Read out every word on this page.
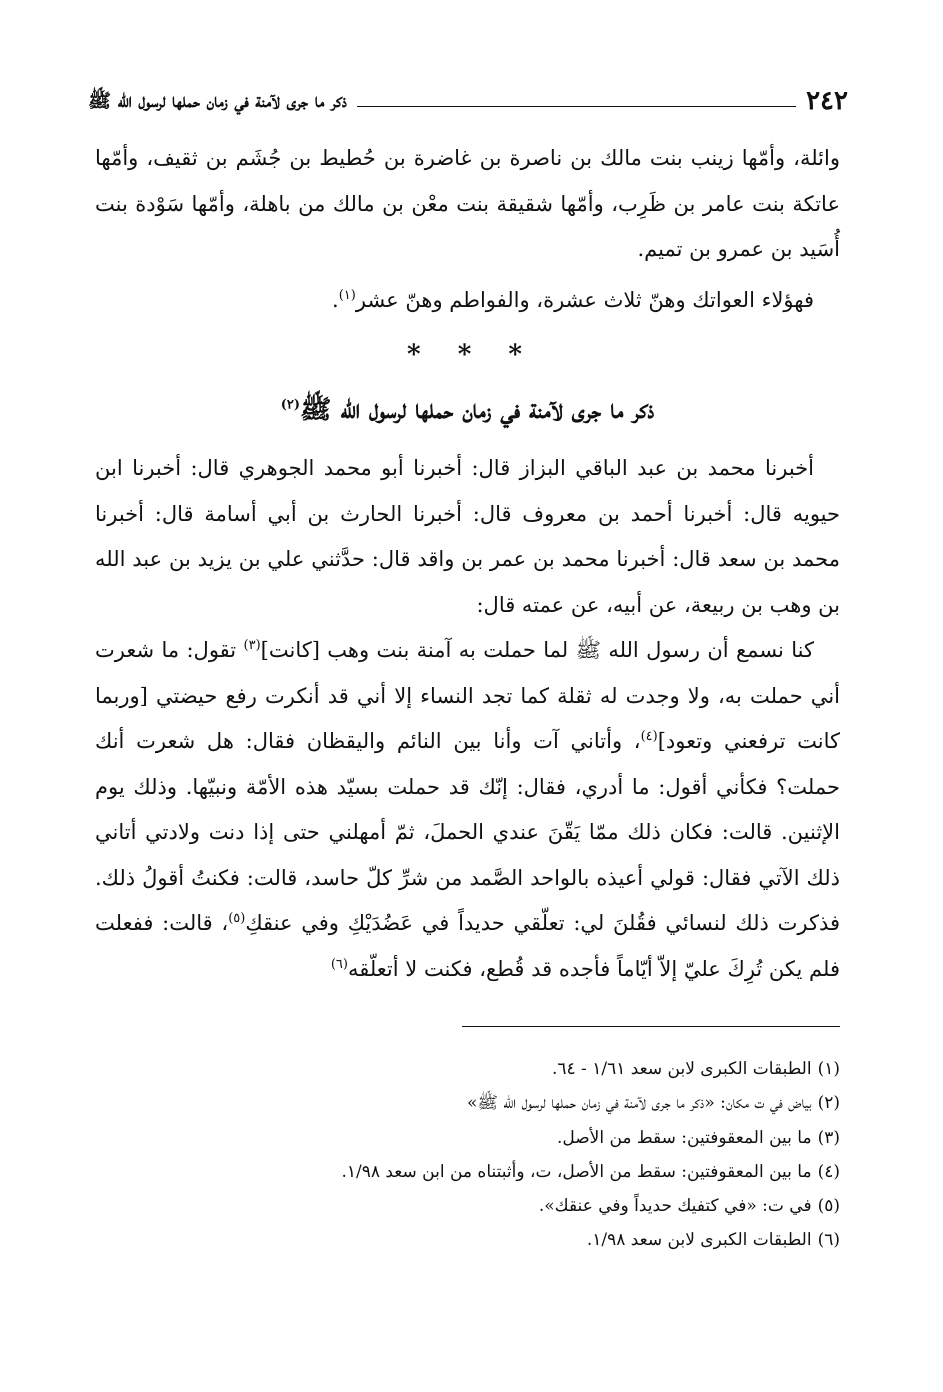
٢٤٢
ذكر ما جرى لآمنة في زمان حملها لرسول الله ﷺ

وائلة، وأمّها زينب بنت مالك بن ناصرة بن غاضرة بن حُطيط بن جُشَم بن ثقيف، وأمّها عاتكة بنت عامر بن ظَرِب، وأمّها شقيقة بنت معْن بن مالك من باهلة، وأمّها سَوْدة بنت أُسَيد بن عمرو بن تميم.

فهؤلاء العواتك وهنّ ثلاث عشرة، والفواطم وهنّ عشر$^{(١)}$.

* * *
ذكر ما جرى لآمنة في زمان حملها لرسول الله ﷺ$^{(٢)}$

أخبرنا محمد بن عبد الباقي البزاز قال: أخبرنا أبو محمد الجوهري قال: أخبرنا ابن حيويه قال: أخبرنا أحمد بن معروف قال: أخبرنا الحارث بن أبي أسامة قال: أخبرنا محمد بن سعد قال: أخبرنا محمد بن عمر بن واقد قال: حدَّثني علي بن يزيد بن عبد الله بن وهب بن ربيعة، عن أبيه، عن عمته قال:

كنا نسمع أن رسول الله ﷺ لما حملت به آمنة بنت وهب [كانت]$^{(٣)}$ تقول: ما شعرت أني حملت به، ولا وجدت له ثقلة كما تجد النساء إلا أني قد أنكرت رفع حيضتي [وربما كانت ترفعني وتعود]$^{(٤)}$، وأتاني آت وأنا بين النائم واليقظان فقال: هل شعرت أنك حملت؟ فكأني أقول: ما أدري، فقال: إنّك قد حملت بسيّد هذه الأمّة ونبيّها. وذلك يوم الإثنين. قالت: فكان ذلك ممّا يَقّنَ عندي الحملَ، ثمّ أمهلني حتى إذا دنت ولادتي أتاني ذلك الآتي فقال: قولي أعيذه بالواحد الصَّمد من شرِّ كلّ حاسد، قالت: فكنتُ أقولُ ذلك. فذكرت ذلك لنسائي فقُلنَ لي: تعلّقي حديداً في عَضُدَيْكِ وفي عنقكِ$^{(٥)}$، قالت: ففعلت فلم يكن تُرِكَ عليّ إلاّ أيّاماً فأجده قد قُطع، فكنت لا أتعلّقه$^{(٦)}$

(١)الطبقات الكبرى لابن سعد ١/٦١ - ٦٤.
(٢)بياض في ت مكان: «ذكر ما جرى لآمنة في زمان حملها لرسول الله ﷺ»
(٣)ما بين المعقوفتين: سقط من الأصل.
(٤)ما بين المعقوفتين: سقط من الأصل، ت، وأثبتناه من ابن سعد ١/٩٨.
(٥)في ت: «في كتفيك حديداً وفي عنقك».
(٦)الطبقات الكبرى لابن سعد ١/٩٨.
